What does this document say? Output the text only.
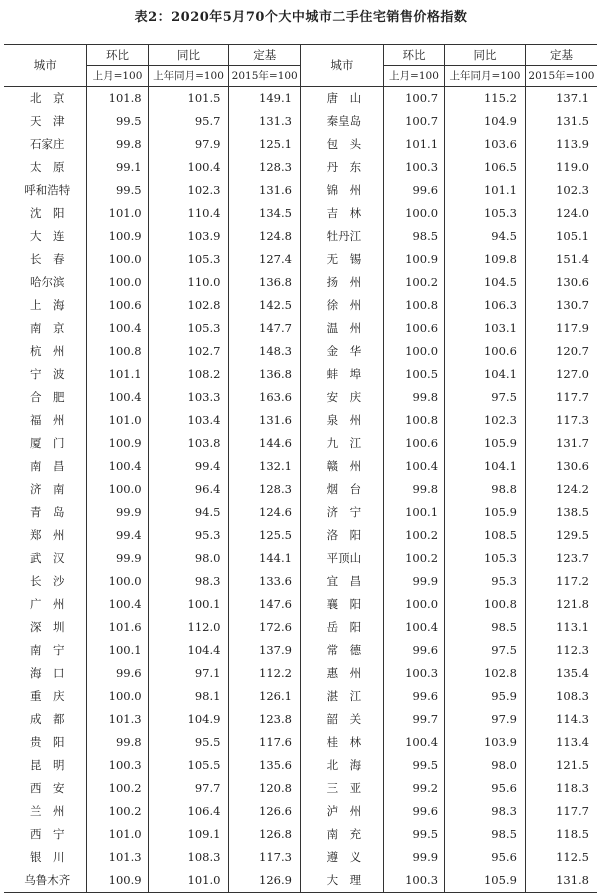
表2：2020年5月70个大中城市二手住宅销售价格指数
城市	环比	同比	定基	城市	环比	同比	定基
	上月=100	上年同月=100	2015年=100		上月=100	上年同月=100	2015年=100
北　京	101.8	101.5	149.1	唐　山	100.7	115.2	137.1
天　津	99.5	95.7	131.3	秦皇岛	100.7	104.9	131.5
石家庄	99.8	97.9	125.1	包　头	101.1	103.6	113.9
太　原	99.1	100.4	128.3	丹　东	100.3	106.5	119.0
呼和浩特	99.5	102.3	131.6	锦　州	99.6	101.1	102.3
沈　阳	101.0	110.4	134.5	吉　林	100.0	105.3	124.0
大　连	100.9	103.9	124.8	牡丹江	98.5	94.5	105.1
长　春	100.0	105.3	127.4	无　锡	100.9	109.8	151.4
哈尔滨	100.0	110.0	136.8	扬　州	100.2	104.5	130.6
上　海	100.6	102.8	142.5	徐　州	100.8	106.3	130.7
南　京	100.4	105.3	147.7	温　州	100.6	103.1	117.9
杭　州	100.8	102.7	148.3	金　华	100.0	100.6	120.7
宁　波	101.1	108.2	136.8	蚌　埠	100.5	104.1	127.0
合　肥	100.4	103.3	163.6	安　庆	99.8	97.5	117.7
福　州	101.0	103.4	131.6	泉　州	100.8	102.3	117.3
厦　门	100.9	103.8	144.6	九　江	100.6	105.9	131.7
南　昌	100.4	99.4	132.1	赣　州	100.4	104.1	130.6
济　南	100.0	96.4	128.3	烟　台	99.8	98.8	124.2
青　岛	99.9	94.5	124.6	济　宁	100.1	105.9	138.5
郑　州	99.4	95.3	125.5	洛　阳	100.2	108.5	129.5
武　汉	99.9	98.0	144.1	平顶山	100.2	105.3	123.7
长　沙	100.0	98.3	133.6	宜　昌	99.9	95.3	117.2
广　州	100.4	100.1	147.6	襄　阳	100.0	100.8	121.8
深　圳	101.6	112.0	172.6	岳　阳	100.4	98.5	113.1
南　宁	100.1	104.4	137.9	常　德	99.6	97.5	112.3
海　口	99.6	97.1	112.2	惠　州	100.3	102.8	135.4
重　庆	100.0	98.1	126.1	湛　江	99.6	95.9	108.3
成　都	101.3	104.9	123.8	韶　关	99.7	97.9	114.3
贵　阳	99.8	95.5	117.6	桂　林	100.4	103.9	113.4
昆　明	100.3	105.5	135.6	北　海	99.5	98.0	121.5
西　安	100.2	97.7	120.8	三　亚	99.2	95.6	118.3
兰　州	100.2	106.4	126.6	泸　州	99.6	98.3	117.7
西　宁	101.0	109.1	126.8	南　充	99.5	98.5	118.5
银　川	101.3	108.3	117.3	遵　义	99.9	95.6	112.5
乌鲁木齐	100.9	101.0	126.9	大　理	100.3	105.9	131.8
